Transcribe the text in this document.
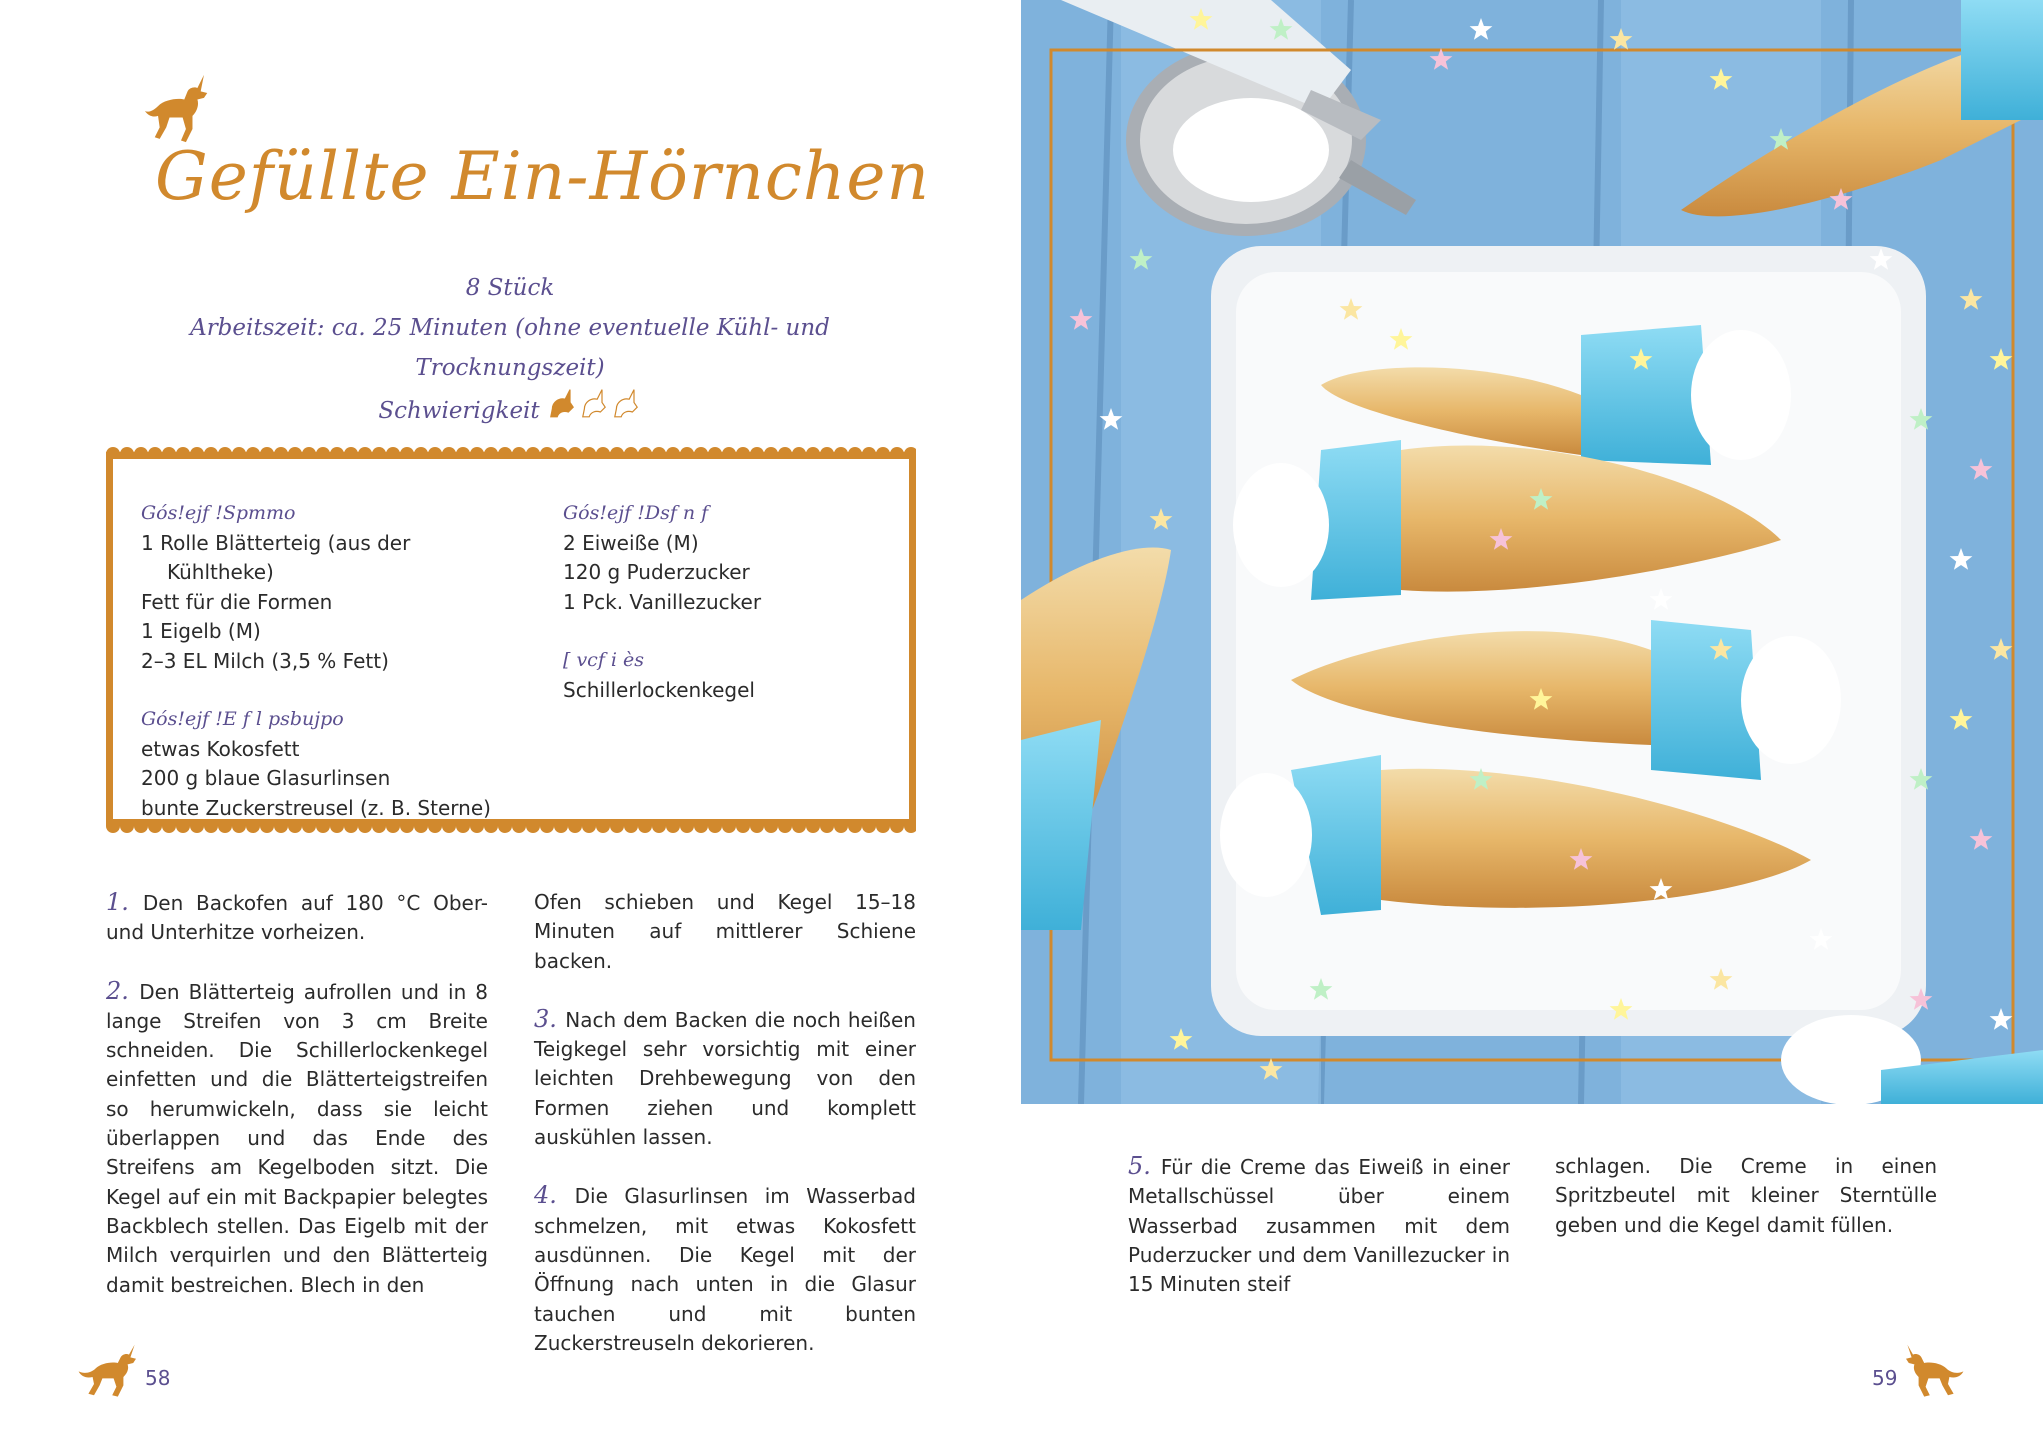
Gefüllte Ein-Hörnchen
8 Stück
Arbeitszeit: ca. 25 Minuten (ohne eventuelle Kühl- und Trocknungszeit)
Schwierigkeit
Gós!ejf !Spmmo
1 Rolle Blätterteig (aus der
Kühltheke)
Fett für die Formen
1 Eigelb (M)
2–3 EL Milch (3,5 % Fett)
Gós!ejf !E f l psbujpo
etwas Kokosfett
200 g blaue Glasurlinsen
bunte Zuckerstreusel (z. B. Sterne)
Gós!ejf !Dsf n f
2 Eiweiße (M)
120 g Puderzucker
1 Pck. Vanillezucker
[ vcf i ès
Schillerlockenkegel

1. Den Backofen auf 180 °C Ober- und Unterhitze vorheizen.

2. Den Blätterteig aufrollen und in 8 lange Streifen von 3 cm Breite schneiden. Die Schillerlockenkegel einfetten und die Blätterteigstreifen so herumwickeln, dass sie leicht überlappen und das Ende des Streifens am Kegelboden sitzt. Die Kegel auf ein mit Backpapier belegtes Backblech stellen. Das Eigelb mit der Milch verquirlen und den Blätterteig damit bestreichen. Blech in den

Ofen schieben und Kegel 15–18 Minuten auf mittlerer Schiene backen.

3. Nach dem Backen die noch heißen Teigkegel sehr vorsichtig mit einer leichten Drehbewegung von den Formen ziehen und komplett auskühlen lassen.

4. Die Glasurlinsen im Wasserbad schmelzen, mit etwas Kokosfett ausdünnen. Die Kegel mit der Öffnung nach unten in die Glasur tauchen und mit bunten Zuckerstreuseln dekorieren.

5. Für die Creme das Eiweiß in einer Metallschüssel über einem Wasserbad zusammen mit dem Puderzucker und dem Vanillezucker in 15 Minuten steif

schlagen. Die Creme in einen Spritzbeutel mit kleiner Sterntülle geben und die Kegel damit füllen.

58	59
